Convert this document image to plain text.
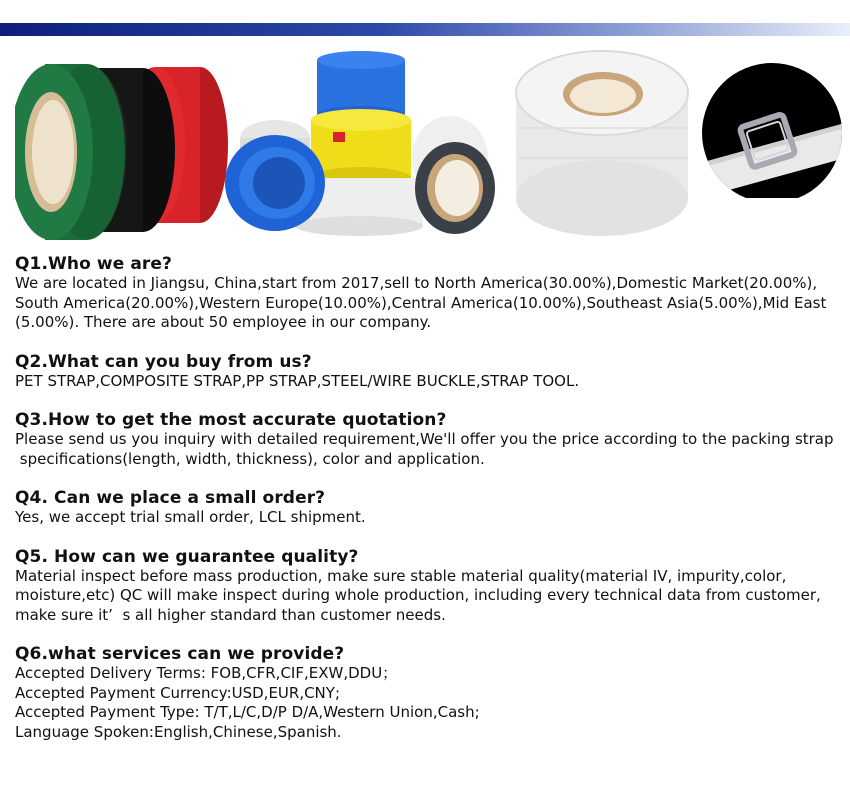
Q1.Who we are?

We are located in Jiangsu, China,start from 2017,sell to North America(30.00%),Domestic Market(20.00%),
South America(20.00%),Western Europe(10.00%),Central America(10.00%),Southeast Asia(5.00%),Mid East
(5.00%). There are about 50 employee in our company.

Q2.What can you buy from us?

PET STRAP,COMPOSITE STRAP,PP STRAP,STEEL/WIRE BUCKLE,STRAP TOOL.

Q3.How to get the most accurate quotation?

Please send us you inquiry with detailed requirement,We'll offer you the price according to the packing strap
specifications(length, width, thickness), color and application.

Q4. Can we place a small order?

Yes, we accept trial small order, LCL shipment.

Q5. How can we guarantee quality?

Material inspect before mass production, make sure stable material quality(material IV, impurity,color,
moisture,etc) QC will make inspect during whole production, including every technical data from customer,
make sure it’  s all higher standard than customer needs.

Q6.what services can we provide?

Accepted Delivery Terms: FOB,CFR,CIF,EXW,DDU；
Accepted Payment Currency:USD,EUR,CNY;
Accepted Payment Type: T/T,L/C,D/P D/A,Western Union,Cash;
Language Spoken:English,Chinese,Spanish.
